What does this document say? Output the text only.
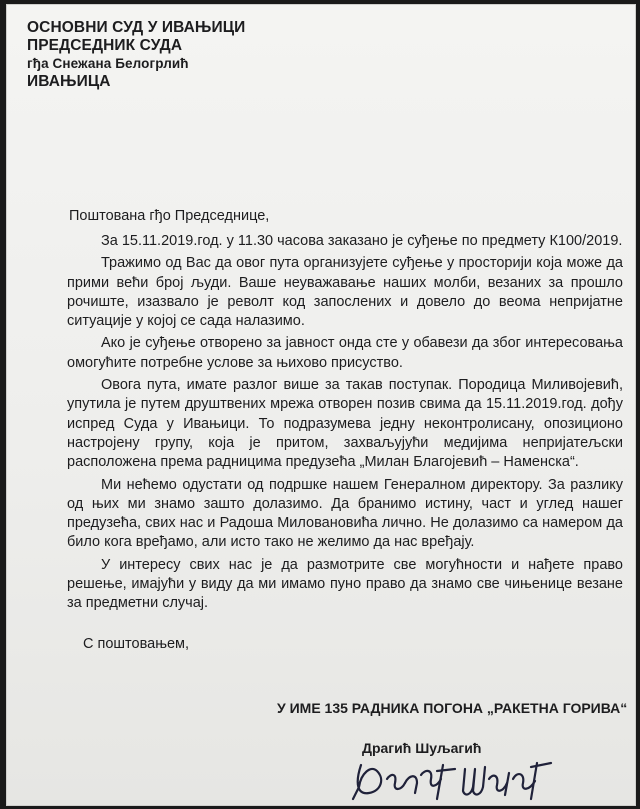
ОСНОВНИ СУД У ИВАЊИЦИ
ПРЕДСЕДНИК СУДА
гђа Снежана Белогрлић
ИВАЊИЦА
Поштована гђо Председнице,

За 15.11.2019.год. у 11.30 часова заказано је суђење по предмету К100/2019.

Тражимо од Вас да овог пута организујете суђење у просторији која може да прими већи број људи. Ваше неуважавање наших молби, везаних за прошло рочиште, изазвало је револт код запослених и довело до веома непријатне ситуације у којој се сада налазимо.

Ако је суђење отворено за јавност онда сте у обавези да због интересовања омогућите потребне услове за њихово присуство.

Овога пута, имате разлог више за такав поступак. Породица Миливојевић, упутила је путем друштвених мрежа отворен позив свима да 15.11.2019.год. дођу испред Суда у Ивањици. То подразумева једну неконтролисану, опозиционо настројену групу, која је притом, захваљујући медијима непријатељски расположена према радницима предузећа „Милан Благојевић – Наменска“.

Ми нећемо одустати од подршке нашем Генералном директору. За разлику од њих ми знамо зашто долазимо. Да бранимо истину, част и углед нашег предузећа, свих нас и Радоша Миловановића лично. Не долазимо са намером да било кога вређамо, али исто тако не желимо да нас вређају.

У интересу свих нас је да размотрите све могућности и нађете право решење, имајући у виду да ми имамо пуно право да знамо све чињенице везане за предметни случај.

С поштовањем,
У ИМЕ 135 РАДНИКА ПОГОНА „РАКЕТНА ГОРИВА“
Драгић Шуљагић
